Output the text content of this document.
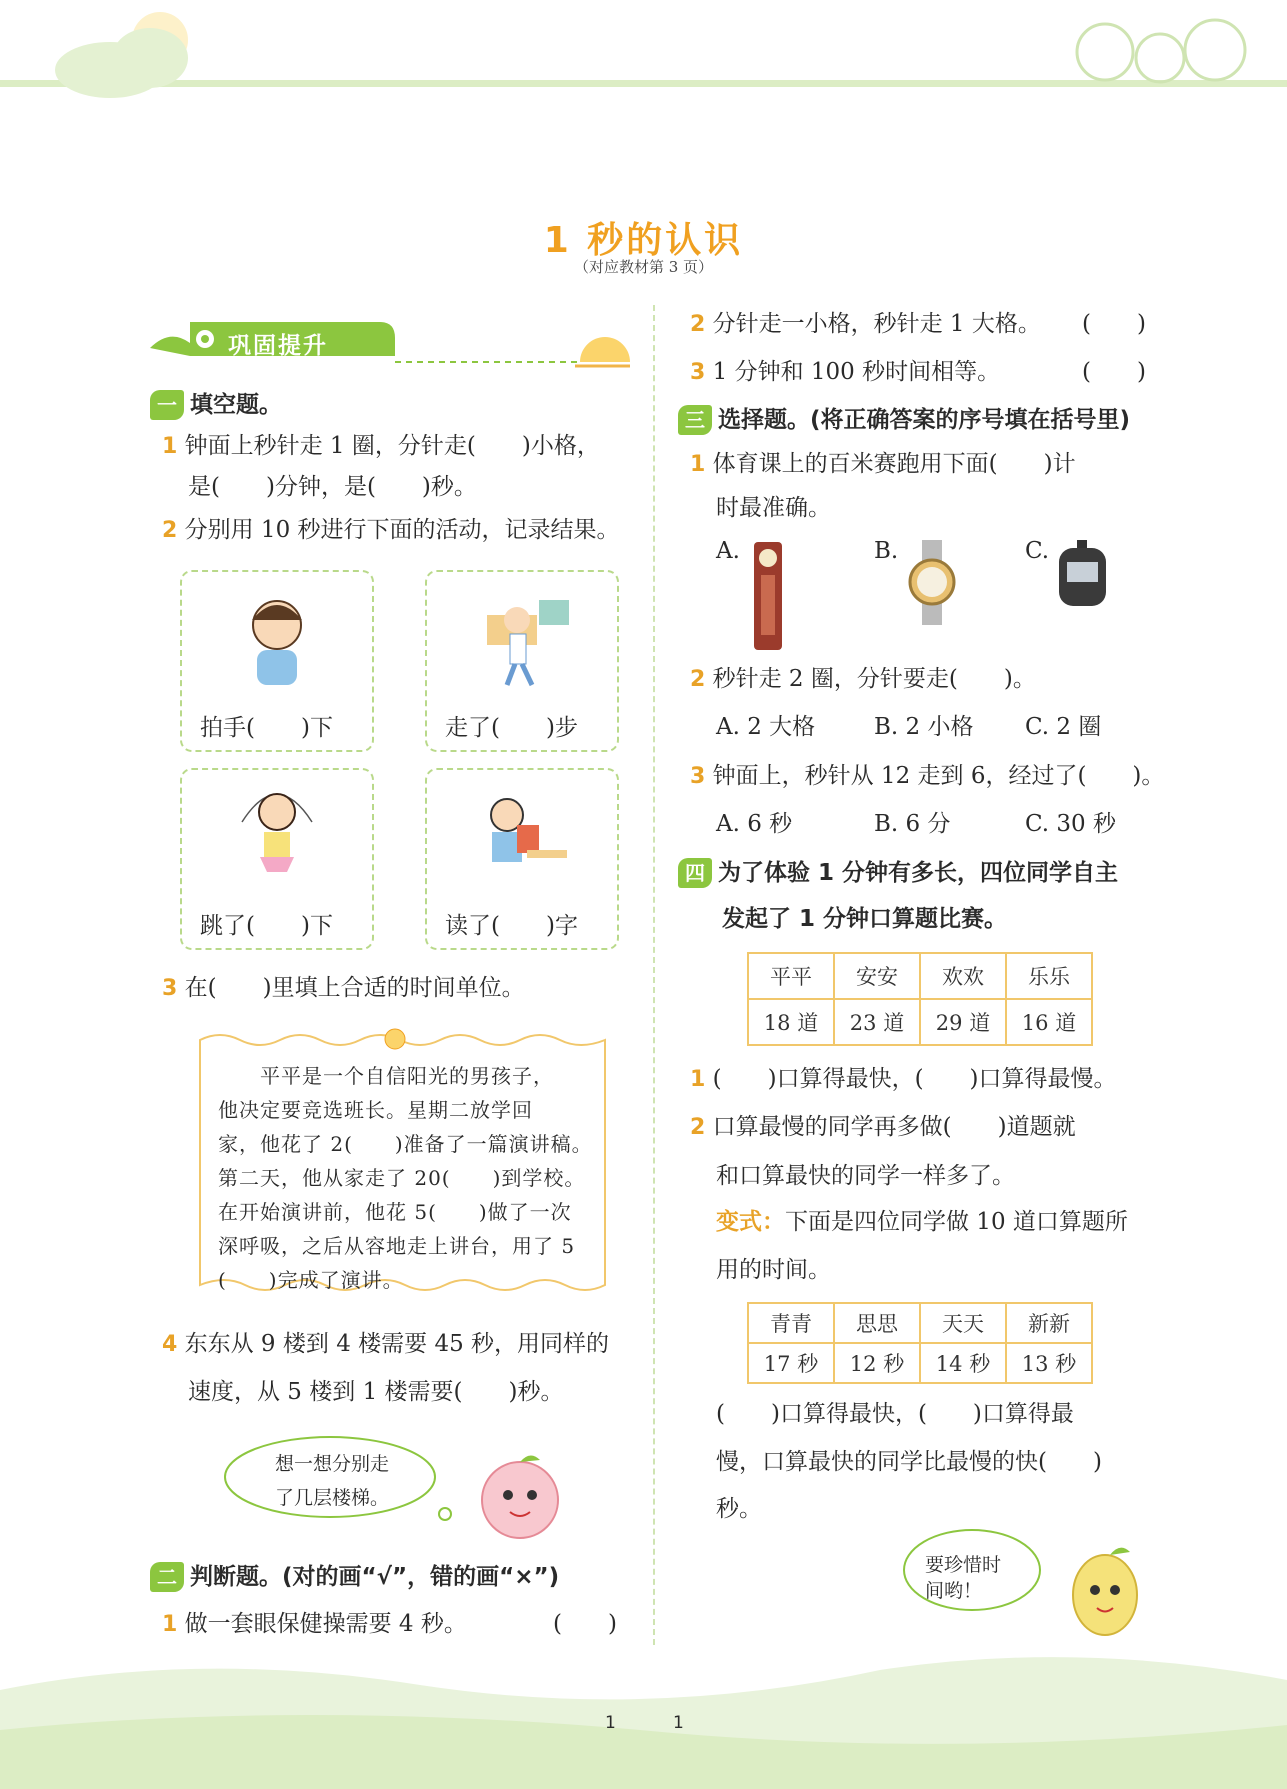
1 秒的认识
（对应教材第 3 页）
巩固提升
一 填空题。
1 钟面上秒针走 1 圈，分针走(　　)小格，
是(　　)分钟，是(　　)秒。
2 分别用 10 秒进行下面的活动，记录结果。
拍手(　　)下	走了(　　)步
跳了(　　)下	读了(　　)字
3 在(　　)里填上合适的时间单位。
　　平平是一个自信阳光的男孩子，
他决定要竞选班长。星期二放学回
家，他花了 2(　　)准备了一篇演讲稿。
第二天，他从家走了 20(　　)到学校。
在开始演讲前，他花 5(　　)做了一次
深呼吸，之后从容地走上讲台，用了 5
(　　)完成了演讲。
4 东东从 9 楼到 4 楼需要 45 秒，用同样的
速度，从 5 楼到 1 楼需要(　　)秒。
想一想分别走
了几层楼梯。
二 判断题。(对的画“√”，错的画“×”)
1 做一套眼保健操需要 4 秒。	(　　)
2 分针走一小格，秒针走 1 大格。 (　　)
3 1 分钟和 100 秒时间相等。	(　　)
三 选择题。(将正确答案的序号填在括号里)
1 体育课上的百米赛跑用下面(　　)计
时最准确。
A.	B.	C.
2 秒针走 2 圈，分针要走(　　)。
A. 2 大格	B. 2 小格 C. 2 圈
3 钟面上，秒针从 12 走到 6，经过了(　　)。
A. 6 秒	B. 6 分	C. 30 秒
四 为了体验 1 分钟有多长，四位同学自主
发起了 1 分钟口算题比赛。
平平	安安	欢欢	乐乐
18 道	23 道	29 道	16 道
1 (　　)口算得最快，(　　)口算得最慢。
2 口算最慢的同学再多做(　　)道题就
和口算最快的同学一样多了。
变式：下面是四位同学做 10 道口算题所
用的时间。
青青	思思	天天	新新
17 秒	12 秒	14 秒	13 秒
(　　)口算得最快，(　　)口算得最
慢，口算最快的同学比最慢的快(　　)
秒。
要珍惜时
间哟！
1	1
